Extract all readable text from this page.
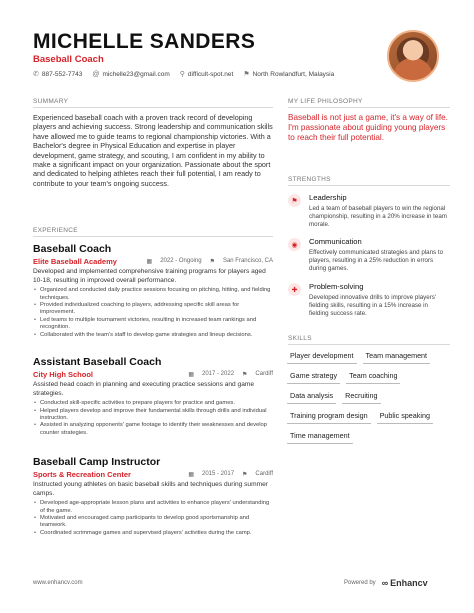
MICHELLE SANDERS
Baseball Coach
✆ 887-552-7743 @ michelle23@gmail.com ⚲ difficult-spot.net ⚑ North Rowlandfurt, Malaysia
SUMMARY
Experienced baseball coach with a proven track record of developing players and achieving success. Strong leadership and communication skills have allowed me to guide teams to regional championship victories. With a Bachelor's degree in Physical Education and expertise in player development, game strategy, and scouting, I am confident in my ability to make a significant impact on your organization. Passionate about the sport and dedicated to helping athletes reach their full potential, I am ready to contribute to your team's ongoing success.
EXPERIENCE
Baseball Coach
Elite Baseball Academy	▦ 2022 - Ongoing ⚑ San Francisco, CA
Developed and implemented comprehensive training programs for players aged 10-18, resulting in improved overall performance.
• Organized and conducted daily practice sessions focusing on pitching, hitting, and fielding techniques.
• Provided individualized coaching to players, addressing specific skill areas for improvement.
• Led teams to multiple tournament victories, resulting in increased team rankings and recognition.
• Collaborated with the team's staff to develop game strategies and lineup decisions.
Assistant Baseball Coach
City High School	▦ 2017 - 2022 ⚑ Cardiff
Assisted head coach in planning and executing practice sessions and game strategies.
• Conducted skill-specific activities to prepare players for practice and games.
• Helped players develop and improve their fundamental skills through drills and individual instruction.
• Assisted in analyzing opponents' game footage to identify their weaknesses and develop counter strategies.
Baseball Camp Instructor
Sports & Recreation Center	▦ 2015 - 2017 ⚑ Cardiff
Instructed young athletes on basic baseball skills and techniques during summer camps.
• Developed age-appropriate lesson plans and activities to enhance players' understanding of the game.
• Motivated and encouraged camp participants to develop good sportsmanship and teamwork.
• Coordinated scrimmage games and supervised players' activities during the camp.
MY LIFE PHILOSOPHY
Baseball is not just a game, it's a way of life. I'm passionate about guiding young players to reach their full potential.
STRENGTHS
⚑	Leadership
Led a team of baseball players to win the regional championship, resulting in a 20% increase in team morale.
◉	Communication
Effectively communicated strategies and plans to players, resulting in a 25% reduction in errors during games.
✚	Problem-solving
Developed innovative drills to improve players' fielding skills, resulting in a 15% increase in fielding success rate.
SKILLS
Player development	Team management
Game strategy	Team coaching
Data analysis	Recruiting
Training program design	Public speaking
Time management
www.enhancv.com	Powered by ∞ Enhancv
